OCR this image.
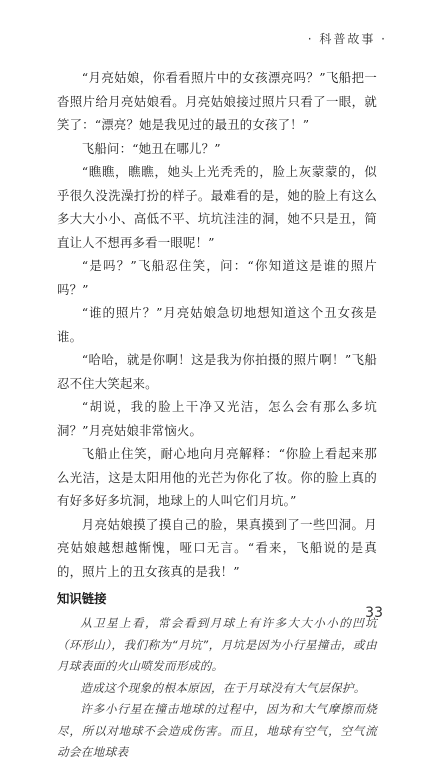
· 科普故事 ·

“月亮姑娘，你看看照片中的女孩漂亮吗？”飞船把一沓照片给月亮姑娘看。月亮姑娘接过照片只看了一眼，就笑了：“漂亮？她是我见过的最丑的女孩了！”

飞船问：“她丑在哪儿？”

“瞧瞧，瞧瞧，她头上光秃秃的，脸上灰蒙蒙的，似乎很久没洗澡打扮的样子。最难看的是，她的脸上有这么多大大小小、高低不平、坑坑洼洼的洞，她不只是丑，简直让人不想再多看一眼呢！”

“是吗？”飞船忍住笑，问：“你知道这是谁的照片吗？”

“谁的照片？”月亮姑娘急切地想知道这个丑女孩是谁。

“哈哈，就是你啊！这是我为你拍摄的照片啊！”飞船忍不住大笑起来。

“胡说，我的脸上干净又光洁，怎么会有那么多坑洞？”月亮姑娘非常恼火。

飞船止住笑，耐心地向月亮解释：“你脸上看起来那么光洁，这是太阳用他的光芒为你化了妆。你的脸上真的有好多好多坑洞，地球上的人叫它们月坑。”

月亮姑娘摸了摸自己的脸，果真摸到了一些凹洞。月亮姑娘越想越惭愧，哑口无言。“看来，飞船说的是真的，照片上的丑女孩真的是我！”

知识链接

从卫星上看，常会看到月球上有许多大大小小的凹坑（环形山），我们称为“月坑”，月坑是因为小行星撞击，或由月球表面的火山喷发而形成的。

造成这个现象的根本原因，在于月球没有大气层保护。

许多小行星在撞击地球的过程中，因为和大气摩擦而烧尽，所以对地球不会造成伤害。而且，地球有空气，空气流动会在地球表

33
